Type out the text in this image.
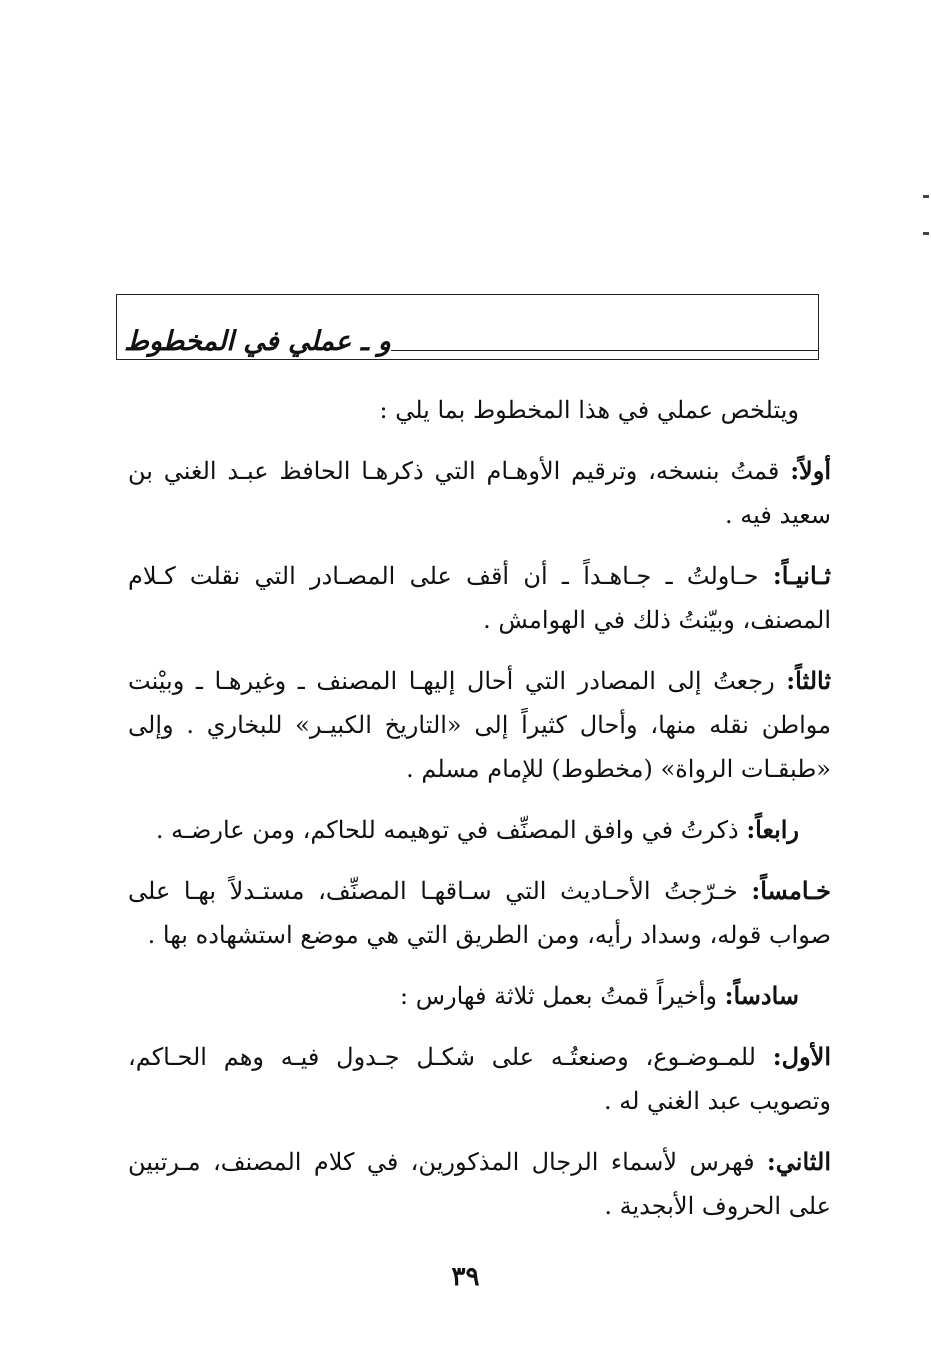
و ـ عملي في المخطوط

ويتلخص عملي في هذا المخطوط بما يلي :

أولاً: قمتُ بنسخه، وترقيم الأوهـام التي ذكرهـا الحافظ عبـد الغني بن سعيد فيه .

ثـانيـاً: حـاولتُ ـ جـاهـداً ـ أن أقف على المصـادر التي نقلت كـلام المصنف، وبيّنتُ ذلك في الهوامش .

ثالثاً: رجعتُ إلى المصادر التي أحال إليهـا المصنف ـ وغيرهـا ـ وبيْنت مواطن نقله منها، وأحال كثيراً إلى «التاريخ الكبيـر» للبخاري . وإلى «طبقـات الرواة» (مخطوط) للإمام مسلم .

رابعاً: ذكرتُ في وافق المصنِّف في توهيمه للحاكم، ومن عارضـه .

خـامساً: خـرّجتُ الأحـاديث التي سـاقهـا المصنِّف، مستـدلاً بهـا على صواب قوله، وسداد رأيه، ومن الطريق التي هي موضع استشهاده بها .

سادساً: وأخيراً قمتُ بعمل ثلاثة فهارس :

الأول: للمـوضـوع، وصنعتُـه على شكـل جـدول فيـه وهم الحـاكم، وتصويب عبد الغني له .

الثاني: فهرس لأسماء الرجال المذكورين، في كلام المصنف، مـرتبين على الحروف الأبجدية .

٣٩
